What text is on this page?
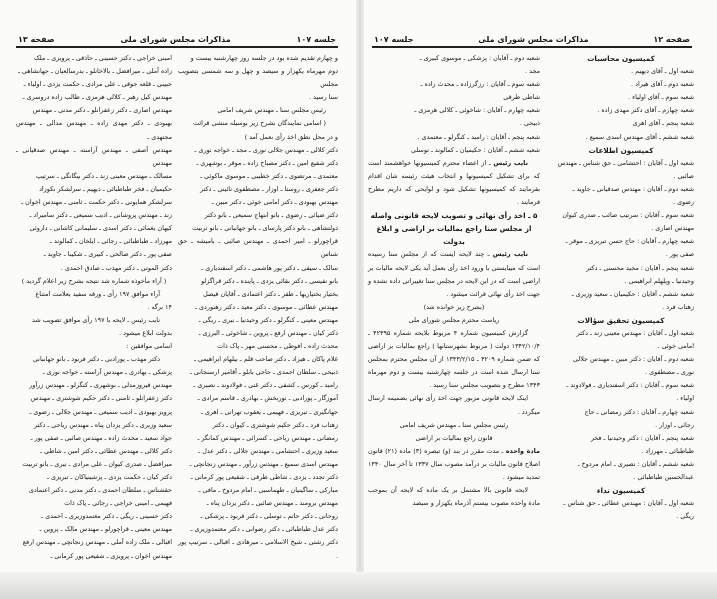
جلسه ۱۰۷
مذاکرات مجلس شورای ملی
صفحه ۱۳

و چهارم تقدیم شده بود در جلسه روز چهارشنبه بیست و

دوم مهرماه یکهزار و سیصد و چهل و سه شمسی بتصویب مجلس

سنا رسید .

رئیس مجلس سنا ـ مهندس شریف امامی

( اسامی نمایندگان بشرح زیر بوسیله منشی قرائت

و در محل نطق اخذ رأی بعمل آمد )

دکتر کلالی ـ مهندس جلالی نوری ـ مجد ـ خواجه نوری ـ

دکتر شفیع امین ـ دکتر مصباح زاده ـ موقر ـ بوشهری ـ

معتمدی ـ مرتضوی ـ دکتر خطیبی ـ موسوی ماکوئی ـ

دکتر جعفری ـ روستا ـ اوزار ـ مصطفوی نائینی ـ دکتر

مهندس بهبودی ـ دکتر امامی خوئی ـ دکتر مبین ـ

دکتر ضیائی ـ رضوی ـ بانو ابتهاج سمیعی ـ بانو دکتر

دولتشاهی ـ بانو دکتر پارسای ـ بانو جهانبانی ـ بانو تربیت

قراچورلو ـ امیر احمدی ـ مهندس صائبی ـ بامیشه ـ حق شناس

سالک ـ سیفی ـ دکتر پور هاشمی ـ دکتر اسفندیاری ـ

بانو نفیسی ـ دکتر بقائی یزدی ـ پاینده ـ دکتر قراگزلو

بختیار بختیاریها ـ ظفر ـ دکتر اعتمادی ـ آقایان فیصل

مهندس عطائی ـ موسوی ـ دکتر معید ـ دکتر رهنوردی ـ

مهندس معینی ـ کنگرلو ـ دکتر وحیدنیا ـ نیری ـ ریگی ـ

دکتر کیان ـ مهندس ارفع ـ پروین ـ شاخوئی ـ البرزی ـ

محدث زاده ـ افوطی ـ محسنی مهر ـ پاک ذات

غلام پاکان ـ هیراد ـ دکتر صاحب قلم ـ بیلهام ابراهیمی ـ

ذبیحی ـ سلطان احمدی ـ حاجی بابلو ـ آقامیر ارسنجانی ـ

رامبد ـ کورس ـ کشفی ـ دکتر غنی ـ فولادوند ـ نصیری ـ

آموزگار ـ پورادبی ـ نوربخش ـ بهادری ـ قاسم مرادی ـ

جهانگیری ـ تبریزی ـ فهیمی ـ یعقوب تهرانی ـ اهری ـ

زهتاب فرد ـ دکتر حکیم شوشتری ـ کیوان ـ دکتر

رمضانی ـ مهندس ریاحی ـ کسرائی ـ مهندس کمانگر ـ

سعید وزیری ـ احتشامی ـ مهندس جلالی ـ دکتر عدل ـ

مهندس اسدی سمیع ـ مهندس زرآور ـ مهندس زنجانچی ـ

دکتر تجدد ـ یزدی ـ شاطی طرقی ـ شفیعی پور کرمانی ـ

مبارکی ـ ساگینیان ـ طهماسبی ـ امام مردوخ ـ مافی ـ

مهندس برومند ـ مهندس صائبی ـ دکتر یزدان پناه ـ

روحانی ـ دکتر حاتم ـ توسلی ـ دکتر فربود ـ پزشکی ـ

دکتر عدل طباطبائی ـ دکتر رضوانی ـ دکتر معتمدوزیری ـ

دکتر رشتی ـ شیخ الاسلامی ـ میرهادی ـ اقبالی ـ سرتیپ پور .

امینی خراجی ـ دکتر حسینی ـ حاذقی ـ پرویزی ـ ملک

زاده آملی ـ میرافضل ـ بالاخانلو ـ بدرسالعیان ـ جهانشاهی ـ

حبیبی ـ قلعه جوقی ـ علی مرادی ـ حکمت یزدی ـ اولیاء ـ

مهندس کیل رهبر ـ کلالی هرمزی ـ طالب زاده دروسری ـ

مهندس اصاری ـ دکتر زعفرانلو ـ دکتر مدنی ـ مهندس

بهبودی ـ دکتر مهدی زاده ـ مهندس مدالی ـ مهندس مجتهدی ـ

مهندس آصفی ـ مهندس آراسته ـ مهندس صدقیانی ـ مهندس

مسالک ـ مهندس معینی زند ـ دکتر بیگانگی ـ سرتیپ

حکیمیان ـ فخر طباطبائی ـ دیهیم ـ سرلشکر نکوزاد

سرلشکر همایونی ـ دکتر حکمت ـ ثامنی ـ مهندس اخوان ـ

زند ـ مهندس پروشانی ـ ادیب سمیعی ـ دکتر سامیراد ـ

کیهان یغمائی ـ دکتر اسدی ـ سلیمانی کاشانی ـ داروئی

مهرزاد ـ طباطبائی ـ رجائی ـ ایلخان ـ کمالوند ـ

صفی پور ـ دکتر صالحی ـ کبیری ـ شکیبا ـ جاوید ـ

دکتر الموتی ـ دکتر مهذب ـ صادق احمدی .

( آراء مأخوذه شماره شد نتیجه بشرح زیر اعلام گردید )

آراء موافق ۱۹۷ رأی ـ ورقه سفید بعلامت امتناع

۱۴ برگه .

نایب رئیس ـ لایحه با ۱۹۷ رأی موافق تصویب شد

بدولت ابلاغ میشود .

اسامی موافقین :

دکتر مهذب ـ پورادبی ـ دکتر فربود ـ بانو جهانبانی

پزشکی ـ بهادری ـ مهندس آراسته ـ خواجه نوری ـ

مهندس فیروزمدلی ـ بوشهری ـ کنگرلو ـ مهندس زرآور

دکتر زعفرانلو ـ ثامنی ـ دکتر حکیم شوشتری ـ مهندس

پرویز بهبودی ـ ادیب سمیعی ـ مهندس جلالی ـ رضوی ـ

سعید وزیری ـ دکتر یزدان پناه ـ مهندس ریاحی ـ دکتر

جواد سعید ـ محدث زاده ـ مهندس صائبی ـ صفی پور ـ

دکتر کلالی ـ مهندس عطائی ـ دکتر امین ـ شاطی ـ

میرافضل ـ صدری کیوان ـ علی مرادی ـ نیری ـ بانو تربیت

دکتر کیان ـ حکمت یزدی ـ پزشینیاکان ـ تبریزی ـ

حقشناس ـ سلطان احمدی ـ دکتر مدنی ـ دکتر اعتمادی

فهیمی ـ امینی خراجی ـ رجائی ـ پاک ذات

دکتر حسینی ـ ریگی ـ دکتر معتمدوزیری ـ احمدی ـ

مهندس معینی ـ قراچورلو ـ مهندس مالک ـ پروین ـ

اقبالی ـ ملک زاده آملی ـ مهندس زنجانچی ـ مهندس ارفع

مهندس اخوان ـ پرویزی ـ شفیعی پور کرمانی ـ

صفحه ۱۲
مذاکرات مجلس شورای ملی
جلسه ۱۰۷

کمیسیون محاسبات

شعبه اول ـ آقای دیهیم .

شعبه دوم ـ آقای هیراد .

شعبه سوم ـ آقای اولیاء .

شعبه چهارم ـ آقای دکتر مهدی زاده .

شعبه پنجم ـ آقای اهری

شعبه ششم ـ آقای مهندس اسدی سمیع .

کمیسیون اطلاعات

شعبه اول ـ آقایان : احتشامی ـ حق شناس ـ مهندس

صائبی .

شعبه دوم ـ آقایان : مهندس صدقیانی ـ جاوید ـ

رضوی .

شعبه سوم ـ آقایان : سرتیپ صائب ـ صدری کیوان

مهندس اصاری .

شعبه چهارم ـ آقایان : حاج حسن تبریزی ـ موقر ـ

صفی پور .

شعبه پنجم ـ آقایان : مجید محسنی ـ دکتر

وحیدنیا ـ ویلهلم ابراهیمی .

شعبه ششم ـ آقایان : حکیمیان ـ سعید وزیری ـ

زهتاب فرد .

کمیسیون تحقیق سؤالات

شعبه اول ـ آقایان : مهندس معینی زند ـ دکتر

امامی خوئی .

شعبه دوم ـ آقایان : دکتر مبین ـ مهندس جلالی

نوری ـ مصطفوی .

شعبه سوم ـ آقایان : دکتر اسفندیاری ـ فولادوند ـ

اولیاء .

شعبه چهارم ـ آقایان : دکتر رمضانی ـ حاج

رجائی ـ اوزار .

شعبه پنجم ـ آقایان : دکتر وحیدنیا ـ فخر

طباطبائی ـ مهرزاد .

شعبه ششم ـ آقایان : نصیری ـ امام مردوخ ـ

عبدالحسین طباطبائی .

کمیسیون نداء

شعبه اول ـ آقایان : مهندس عطائی ـ حق شناس ـ

ریگی .

شعبه دوم ـ آقایان : پزشکی ـ موسوی کبیری ـ

مجد .

شعبه سوم ـ آقایان : رزگرزاده ـ محدث زاده ـ

شاطی طرقی

شعبه چهارم ـ آقایان : شاخوئی ـ کلالی هرمزی ـ

ذبیحی .

شعبه پنجم ـ آقایان : رامبد ـ کنگرلو ـ معتمدی .

شعبه ششم ـ آقایان : حکیمیان ـ کمالوند ـ توسلی

نایب رئیس ـ از اعضاء محترم کمیسیونها خواهشمند است که برای تشکیل کمیسیونها و انتخاب هیئت رئیسه شان اقدام بفرمایند که کمیسیونها تشکیل شود و لوایحی که داریم مطرح فرمایند .

۵ ـ اخذ رأی نهائی و تصویب لایحه قانونی واصله از مجلس سنا راجع بمالیات بر اراضی و ابلاغ بدولت

نایب رئیس ـ چند لایحه ایست که از مجلس سنا رسیده است که میبایستی با ورود اخذ رأی بعمل آید یکی لایحه مالیات بر اراضی است که در این لایحه در مجلس سنا تغییراتی داده نشده و جهت اخذ رأی نهائی قرائت میشود .

(بشرح زیر خوانده شد)

ریاست محترم مجلس شورای ملی

گزارش کمیسیون شماره ۴ مربوط بلایحه شماره ۴۲۳۹۵ ـ ۱۳۴۲/۱۰/۴ دولت ( مربوط بشهرستانها ) راجع بمالیات بر اراضی که ضمن شماره ۴۲۰۹ ـ ۱۳۴۳/۲/۱۵ از آن مجلس محترم بمجلس سنا ارسال شده است در جلسه چهارشنبه بیست و دوم مهرماه ۱۳۴۳ مطرح و بتصویب مجلس سنا رسید .

اینک لایحه قانونی مزبور جهت اخذ رأی نهائی بضمیمه ارسال میگردد .

رئیس مجلس سنا ـ مهندس شریف امامی

قانون راجع بمالیات بر اراضی

مادة واحده ـ مدت مقرر در بند (و) تبصره (۳) ماده (۲۱) قانون اصلاح قانون مالیات بر درآمد مصوب سال ۱۳۳۷ تا آخر سال ۱۳۴۰ تمدید میشود .

لایحه قانونی بالا مشتمل بر یک ماده که لایحه آن بموجب مادة واحده مصوب بیستم آذرماه یکهزار و سیصد
